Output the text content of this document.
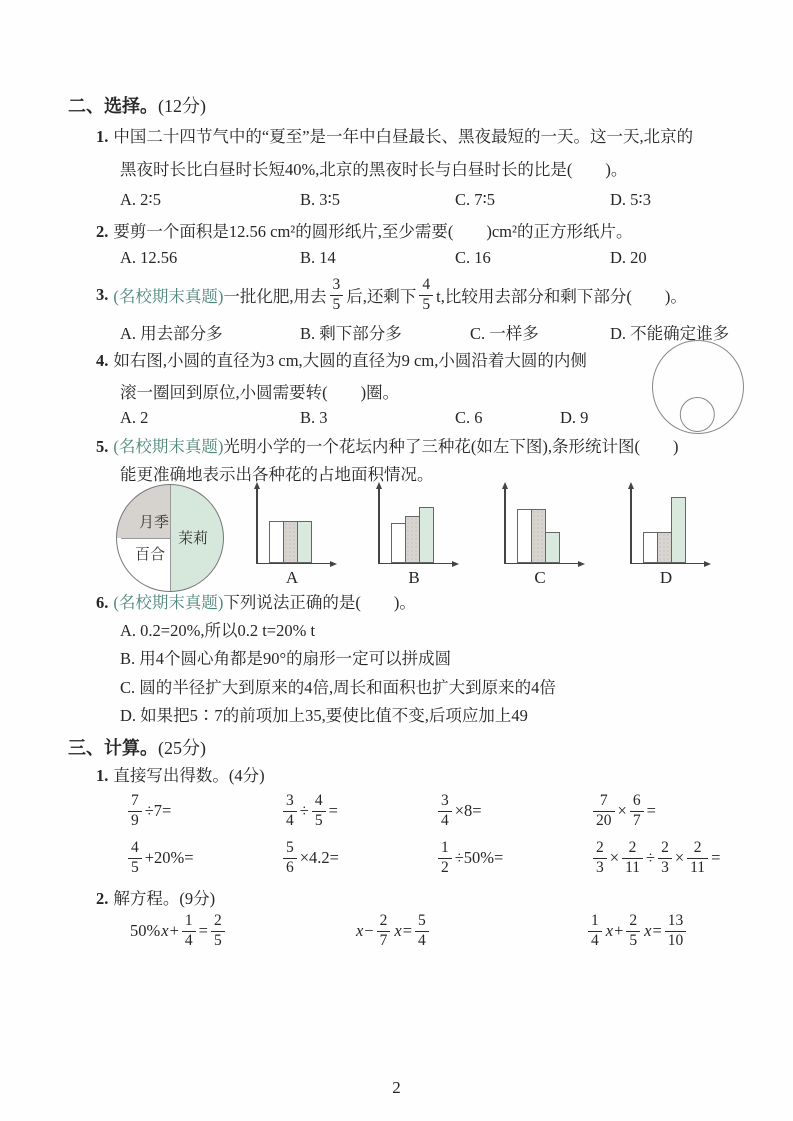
二、选择。(12分)
1. 中国二十四节气中的“夏至”是一年中白昼最长、黑夜最短的一天。这一天,北京的
黑夜时长比白昼时长短40%,北京的黑夜时长与白昼时长的比是(　　)。
A. 2∶5	B. 3∶5	C. 7∶5	D. 5∶3
2. 要剪一个面积是12.56 cm²的圆形纸片,至少需要(　　)cm²的正方形纸片。
A. 12.56	B. 14	C. 16	D. 20
3. (名校期末真题) 一批化肥,用去 $\frac{3}{5}$ 后,还剩下 $\frac{4}{5} t$,比较用去部分和剩下部分(　　)。
A. 用去部分多	B. 剩下部分多	C. 一样多	D. 不能确定谁多
4. 如右图,小圆的直径为3 cm,大圆的直径为9 cm,小圆沿着大圆的内侧
滚一圈回到原位,小圆需要转(　　)圈。
A. 2	B. 3	C. 6	D. 9
5. (名校期末真题)光明小学的一个花坛内种了三种花(如左下图),条形统计图(　　)
能更准确地表示出各种花的占地面积情况。
月季
百合
茉莉
A	B	C	D
6. (名校期末真题)下列说法正确的是(　　)。
A. 0.2=20%,所以0.2 t=20% t
B. 用4个圆心角都是90°的扇形一定可以拼成圆
C. 圆的半径扩大到原来的4倍,周长和面积也扩大到原来的4倍
D. 如果把5∶7的前项加上35,要使比值不变,后项应加上49
三、计算。(25分)
1. 直接写出得数。(4分)
$\frac{7}{9} \div 7=$	$\frac{3}{4} \div \frac{4}{5}$ =	$\frac{3}{4} \times 8=$	$\frac{7}{20} \times \frac{6}{7}$ =
$\frac{4}{5} +20\%=$	$\frac{5}{6} \times 4.2=$	$\frac{1}{2} \div 50\%=$	$\frac{2}{3} \times \frac{2}{11} \div \frac{2}{3} \times \frac{2}{11}$ =
2. 解方程。(9分)
50% $x + \frac{1}{4} = \frac{2}{5}$	$x - \frac{2}{7}$ $x = \frac{5}{4}$	$\frac{1}{4}$ $x + \frac{2}{5}$ $x = \frac{13}{10}$
2
